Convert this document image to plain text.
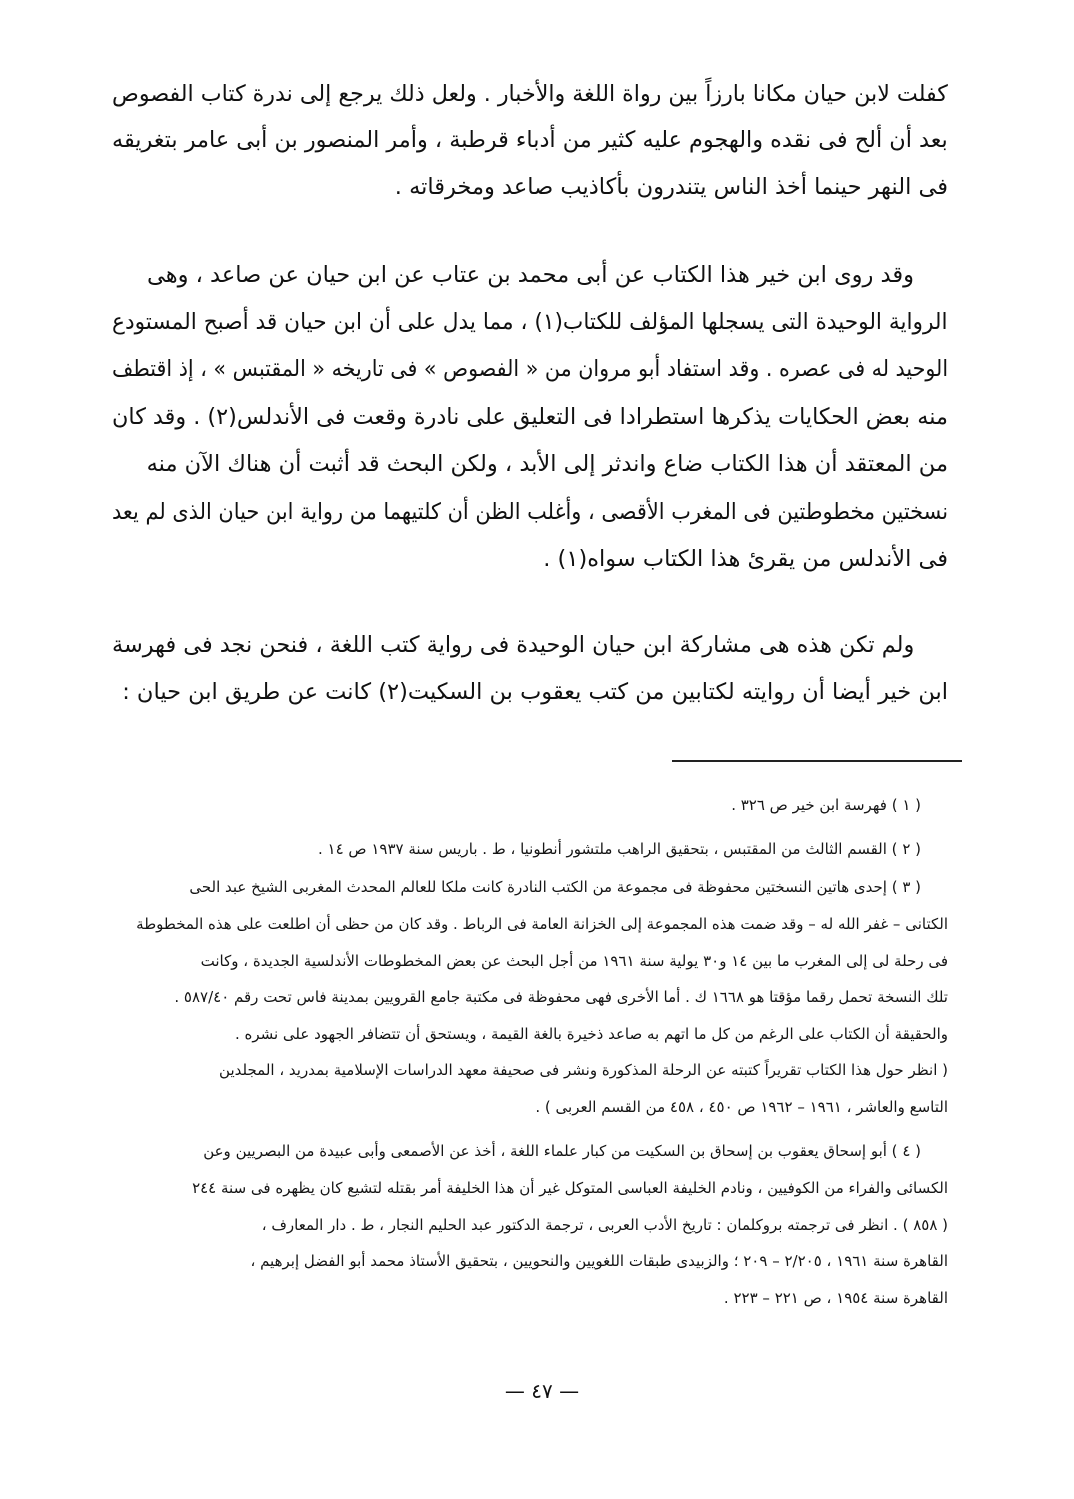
كفلت لابن حيان مكانا بارزاً بين رواة اللغة والأخبار . ولعل ذلك يرجع إلى ندرة كتاب الفصوص
بعد أن ألح فى نقده والهجوم عليه كثير من أدباء قرطبة ، وأمر المنصور بن أبى عامر بتغريقه
فى النهر حينما أخذ الناس يتندرون بأكاذيب صاعد ومخرقاته .
وقد روى ابن خير هذا الكتاب عن أبى محمد بن عتاب عن ابن حيان عن صاعد ، وهى
الرواية الوحيدة التى يسجلها المؤلف للكتاب(١) ، مما يدل على أن ابن حيان قد أصبح المستودع
الوحيد له فى عصره . وقد استفاد أبو مروان من « الفصوص » فى تاريخه « المقتبس » ، إذ اقتطف
منه بعض الحكايات يذكرها استطرادا فى التعليق على نادرة وقعت فى الأندلس(٢) . وقد كان
من المعتقد أن هذا الكتاب ضاع واندثر إلى الأبد ، ولكن البحث قد أثبت أن هناك الآن منه
نسختين مخطوطتين فى المغرب الأقصى ، وأغلب الظن أن كلتيهما من رواية ابن حيان الذى لم يعد
فى الأندلس من يقرئ هذا الكتاب سواه(١) .
ولم تكن هذه هى مشاركة ابن حيان الوحيدة فى رواية كتب اللغة ، فنحن نجد فى فهرسة
ابن خير أيضا أن روايته لكتابين من كتب يعقوب بن السكيت(٢) كانت عن طريق ابن حيان :
( ١ ) فهرسة ابن خير ص ٣٢٦ .
( ٢ ) القسم الثالث من المقتبس ، بتحقيق الراهب ملتشور أنطونيا ، ط . باريس سنة ١٩٣٧ ص ١٤ .
( ٣ ) إحدى هاتين النسختين محفوظة فى مجموعة من الكتب النادرة كانت ملكا للعالم المحدث المغربى الشيخ عبد الحى
الكتانى – غفر الله له – وقد ضمت هذه المجموعة إلى الخزانة العامة فى الرباط . وقد كان من حظى أن اطلعت على هذه المخطوطة
فى رحلة لى إلى المغرب ما بين ١٤ و٣٠ يولية سنة ١٩٦١ من أجل البحث عن بعض المخطوطات الأندلسية الجديدة ، وكانت
تلك النسخة تحمل رقما مؤقتا هو ١٦٦٨ ك . أما الأخرى فهى محفوظة فى مكتبة جامع القرويين بمدينة فاس تحت رقم ٥٨٧/٤٠ .
والحقيقة أن الكتاب على الرغم من كل ما اتهم به صاعد ذخيرة بالغة القيمة ، ويستحق أن تتضافر الجهود على نشره .
( انظر حول هذا الكتاب تقريراً كتبته عن الرحلة المذكورة ونشر فى صحيفة معهد الدراسات الإسلامية بمدريد ، المجلدين
التاسع والعاشر ، ١٩٦١ – ١٩٦٢ ص ٤٥٠ ، ٤٥٨ من القسم العربى ) .
( ٤ ) أبو إسحاق يعقوب بن إسحاق بن السكيت من كبار علماء اللغة ، أخذ عن الأصمعى وأبى عبيدة من البصريين وعن
الكسائى والفراء من الكوفيين ، ونادم الخليفة العباسى المتوكل غير أن هذا الخليفة أمر بقتله لتشيع كان يظهره فى سنة ٢٤٤
( ٨٥٨ ) . انظر فى ترجمته بروكلمان : تاريخ الأدب العربى ، ترجمة الدكتور عبد الحليم النجار ، ط . دار المعارف ،
القاهرة سنة ١٩٦١ ، ٢/٢٠٥ – ٢٠٩ ؛ والزبيدى طبقات اللغويين والنحويين ، بتحقيق الأستاذ محمد أبو الفضل إبرهيم ،
القاهرة سنة ١٩٥٤ ، ص ٢٢١ – ٢٢٣ .
— ٤٧ —
